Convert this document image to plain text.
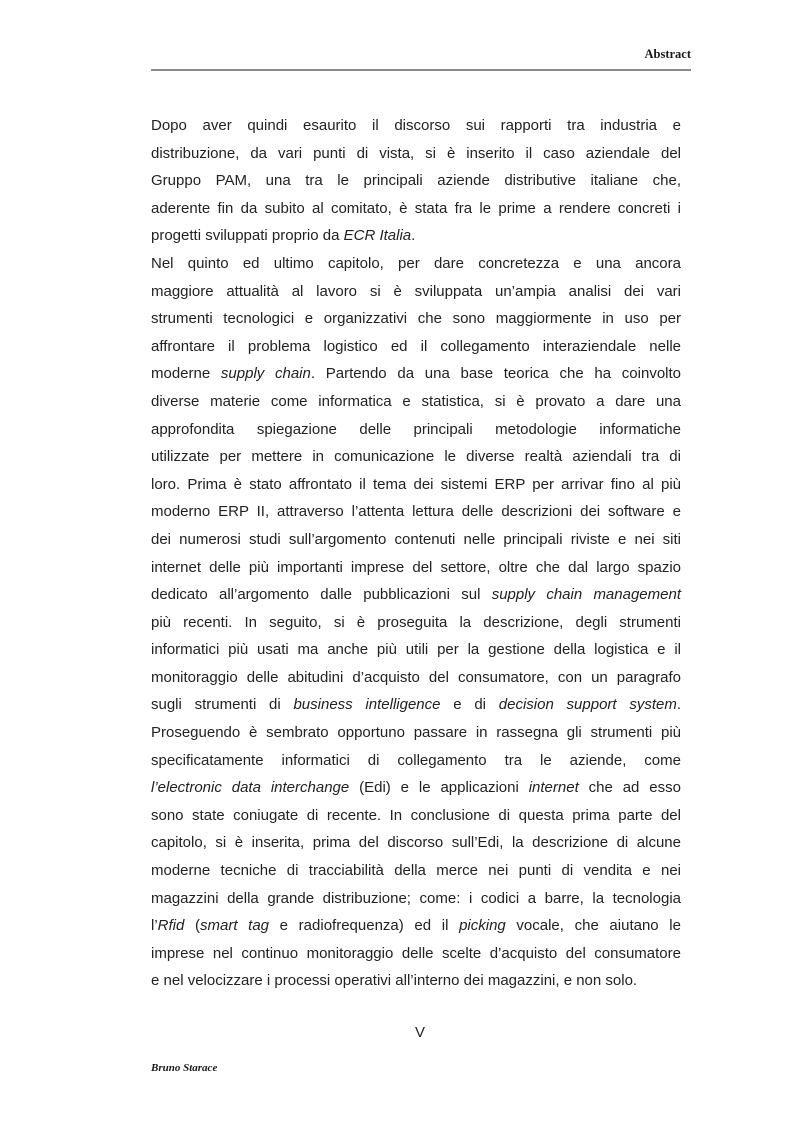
Abstract
Dopo aver quindi esaurito il discorso sui rapporti tra industria e
distribuzione, da vari punti di vista, si è inserito il caso aziendale del
Gruppo PAM, una tra le principali aziende distributive italiane che,
aderente fin da subito al comitato, è stata fra le prime a rendere concreti i
progetti sviluppati proprio da ECR Italia.
Nel quinto ed ultimo capitolo, per dare concretezza e una ancora
maggiore attualità al lavoro si è sviluppata un’ampia analisi dei vari
strumenti tecnologici e organizzativi che sono maggiormente in uso per
affrontare il problema logistico ed il collegamento interaziendale nelle
moderne supply chain. Partendo da una base teorica che ha coinvolto
diverse materie come informatica e statistica, si è provato a dare una
approfondita spiegazione delle principali metodologie informatiche
utilizzate per mettere in comunicazione le diverse realtà aziendali tra di
loro. Prima è stato affrontato il tema dei sistemi ERP per arrivar fino al più
moderno ERP II, attraverso l’attenta lettura delle descrizioni dei software e
dei numerosi studi sull’argomento contenuti nelle principali riviste e nei siti
internet delle più importanti imprese del settore, oltre che dal largo spazio
dedicato all’argomento dalle pubblicazioni sul supply chain management
più recenti. In seguito, si è proseguita la descrizione, degli strumenti
informatici più usati ma anche più utili per la gestione della logistica e il
monitoraggio delle abitudini d’acquisto del consumatore, con un paragrafo
sugli strumenti di business intelligence e di decision support system.
Proseguendo è sembrato opportuno passare in rassegna gli strumenti più
specificatamente informatici di collegamento tra le aziende, come
l’electronic data interchange (Edi) e le applicazioni internet che ad esso
sono state coniugate di recente. In conclusione di questa prima parte del
capitolo, si è inserita, prima del discorso sull’Edi, la descrizione di alcune
moderne tecniche di tracciabilità della merce nei punti di vendita e nei
magazzini della grande distribuzione; come: i codici a barre, la tecnologia
l’Rfid (smart tag e radiofrequenza) ed il picking vocale, che aiutano le
imprese nel continuo monitoraggio delle scelte d’acquisto del consumatore
e nel velocizzare i processi operativi all’interno dei magazzini, e non solo.
V
Bruno Starace
